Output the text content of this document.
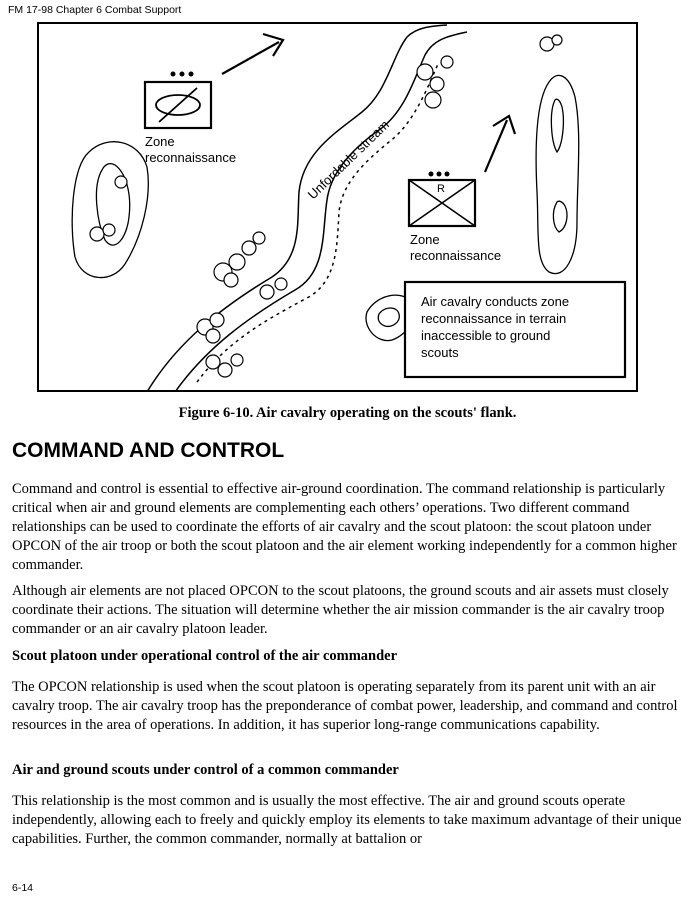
FM 17-98 Chapter 6 Combat Support
Zone
reconnaissance	Unfordable stream	R
Zone
reconnaissance
Air cavalry conducts zone
reconnaissance in terrain
inaccessible to ground
scouts
Figure 6-10. Air cavalry operating on the scouts' flank.
COMMAND AND CONTROL
Command and control is essential to effective air-ground coordination. The command relationship is particularly critical when air and ground elements are complementing each others’ operations. Two different command relationships can be used to coordinate the efforts of air cavalry and the scout platoon: the scout platoon under OPCON of the air troop or both the scout platoon and the air element working independently for a common higher commander.
Although air elements are not placed OPCON to the scout platoons, the ground scouts and air assets must closely coordinate their actions. The situation will determine whether the air mission commander is the air cavalry troop commander or an air cavalry platoon leader.
Scout platoon under operational control of the air commander
The OPCON relationship is used when the scout platoon is operating separately from its parent unit with an air cavalry troop. The air cavalry troop has the preponderance of combat power, leadership, and command and control resources in the area of operations. In addition, it has superior long-range communications capability.
Air and ground scouts under control of a common commander
This relationship is the most common and is usually the most effective. The air and ground scouts operate independently, allowing each to freely and quickly employ its elements to take maximum advantage of their unique capabilities. Further, the common commander, normally at battalion or
6-14
